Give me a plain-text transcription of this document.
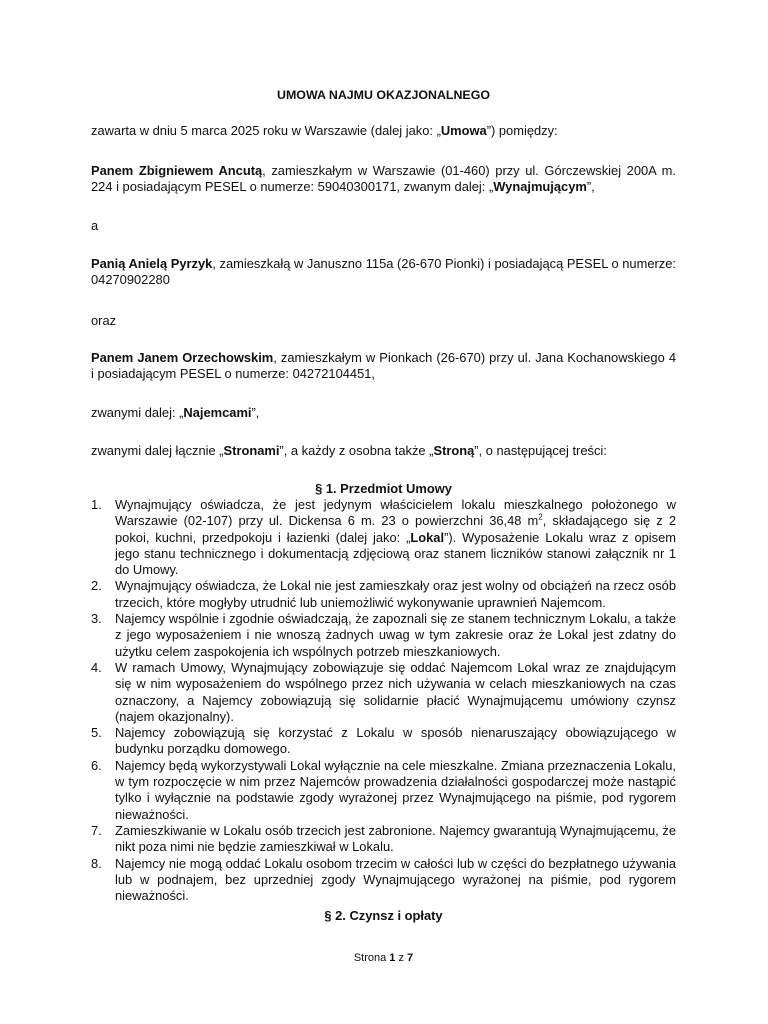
UMOWA NAJMU OKAZJONALNEGO

zawarta w dniu 5 marca 2025 roku w Warszawie (dalej jako: „Umowa”) pomiędzy:

Panem Zbigniewem Ancutą, zamieszkałym w Warszawie (01-460) przy ul. Górczewskiej 200A m. 224 i posiadającym PESEL o numerze: 59040300171, zwanym dalej: „Wynajmującym”,

a

Panią Anielą Pyrzyk, zamieszkałą w Januszno 115a (26-670 Pionki) i posiadającą PESEL o numerze: 04270902280

oraz

Panem Janem Orzechowskim, zamieszkałym w Pionkach (26-670) przy ul. Jana Kochanowskiego 4 i posiadającym PESEL o numerze: 04272104451,

zwanymi dalej: „Najemcami”,

zwanymi dalej łącznie „Stronami”, a każdy z osobna także „Stroną”, o następującej treści:

§ 1. Przedmiot Umowy
1. Wynajmujący oświadcza, że jest jedynym właścicielem lokalu mieszkalnego położonego w Warszawie (02-107) przy ul. Dickensa 6 m. 23 o powierzchni 36,48 $m^2$, składającego się z 2 pokoi, kuchni, przedpokoju i łazienki (dalej jako: „Lokal”). Wyposażenie Lokalu wraz z opisem jego stanu technicznego i dokumentacją zdjęciową oraz stanem liczników stanowi załącznik nr 1 do Umowy.
2. Wynajmujący oświadcza, że Lokal nie jest zamieszkały oraz jest wolny od obciążeń na rzecz osób trzecich, które mogłyby utrudnić lub uniemożliwić wykonywanie uprawnień Najemcom.
3. Najemcy wspólnie i zgodnie oświadczają, że zapoznali się ze stanem technicznym Lokalu, a także z jego wyposażeniem i nie wnoszą żadnych uwag w tym zakresie oraz że Lokal jest zdatny do użytku celem zaspokojenia ich wspólnych potrzeb mieszkaniowych.
4. W ramach Umowy, Wynajmujący zobowiązuje się oddać Najemcom Lokal wraz ze znajdującym się w nim wyposażeniem do wspólnego przez nich używania w celach mieszkaniowych na czas oznaczony, a Najemcy zobowiązują się solidarnie płacić Wynajmującemu umówiony czynsz (najem okazjonalny).
5. Najemcy zobowiązują się korzystać z Lokalu w sposób nienaruszający obowiązującego w budynku porządku domowego.
6. Najemcy będą wykorzystywali Lokal wyłącznie na cele mieszkalne. Zmiana przeznaczenia Lokalu, w tym rozpoczęcie w nim przez Najemców prowadzenia działalności gospodarczej może nastąpić tylko i wyłącznie na podstawie zgody wyrażonej przez Wynajmującego na piśmie, pod rygorem nieważności.
7. Zamieszkiwanie w Lokalu osób trzecich jest zabronione. Najemcy gwarantują Wynajmującemu, że nikt poza nimi nie będzie zamieszkiwał w Lokalu.
8. Najemcy nie mogą oddać Lokalu osobom trzecim w całości lub w części do bezpłatnego używania lub w podnajem, bez uprzedniej zgody Wynajmującego wyrażonej na piśmie, pod rygorem nieważności.
§ 2. Czynsz i opłaty
Strona 1 z 7
